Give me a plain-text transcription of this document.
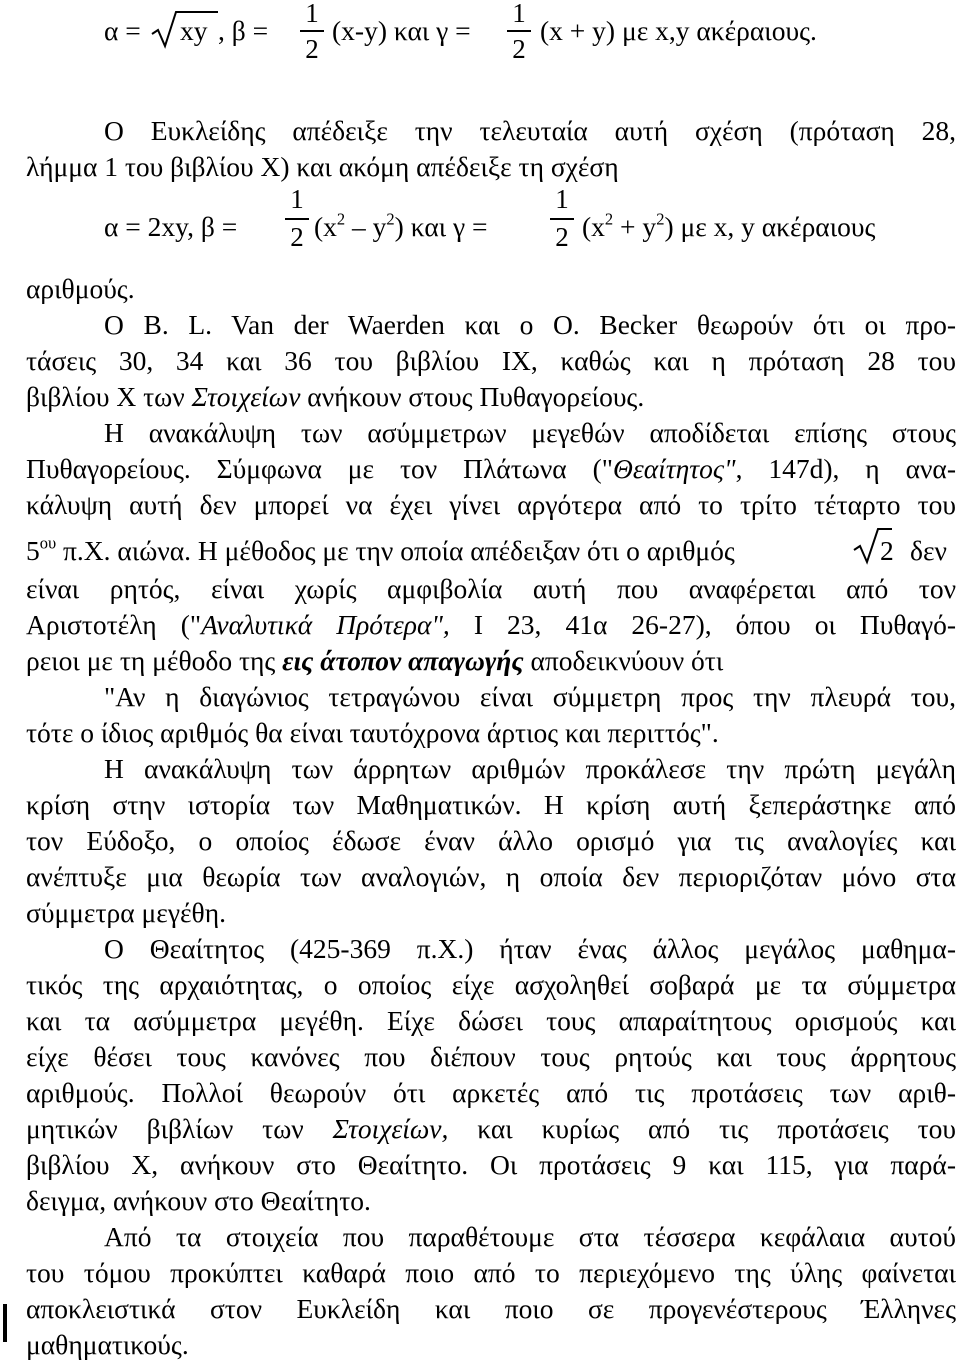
α = xy , β =
1
2
(x-y) και γ =
1
2
(x + y) με x,y ακέραιους.
Ο Ευκλείδης απέδειξε την τελευταία αυτή σχέση (πρόταση 28,
λήμμα 1 του βιβλίου Χ) και ακόμη απέδειξε τη σχέση
α = 2xy, β =
1
2 $(x^2 - y^2)$ και γ =
1
2 $(x^2 + y^2)$ με x, y ακέραιους
αριθμούς.
Ο B. L. Van der Waerden και ο O. Becker θεωρούν ότι οι προ-
τάσεις 30, 34 και 36 του βιβλίου ΙΧ, καθώς και η πρόταση 28 του
βιβλίου Χ των Στοιχείων ανήκουν στους Πυθαγορείους.
Η ανακάλυψη των ασύμμετρων μεγεθών αποδίδεται επίσης στους
Πυθαγορείους. Σύμφωνα με τον Πλάτωνα ("Θεαίτητος", 147d), η ανα-
κάλυψη αυτή δεν μπορεί να έχει γίνει αργότερα από το τρίτο τέταρτο του
$5^{o\upsilon}$ π.Χ. αιώνα. Η μέθοδος με την οποία απέδειξαν ότι ο αριθμός	2 δεν
είναι ρητός, είναι χωρίς αμφιβολία αυτή που αναφέρεται από τον
Αριστοτέλη ("Αναλυτικά Πρότερα", Ι 23, 41α 26-27), όπου οι Πυθαγό-
ρειοι με τη μέθοδο της εις άτοπον απαγωγής αποδεικνύουν ότι
"Αν η διαγώνιος τετραγώνου είναι σύμμετρη προς την πλευρά του,
τότε ο ίδιος αριθμός θα είναι ταυτόχρονα άρτιος και περιττός".
Η ανακάλυψη των άρρητων αριθμών προκάλεσε την πρώτη μεγάλη
κρίση στην ιστορία των Μαθηματικών. Η κρίση αυτή ξεπεράστηκε από
τον Εύδοξο, ο οποίος έδωσε έναν άλλο ορισμό για τις αναλογίες και
ανέπτυξε μια θεωρία των αναλογιών, η οποία δεν περιοριζόταν μόνο στα
σύμμετρα μεγέθη.
Ο Θεαίτητος (425-369 π.Χ.) ήταν ένας άλλος μεγάλος μαθημα-
τικός της αρχαιότητας, ο οποίος είχε ασχοληθεί σοβαρά με τα σύμμετρα
και τα ασύμμετρα μεγέθη. Είχε δώσει τους απαραίτητους ορισμούς και
είχε θέσει τους κανόνες που διέπουν τους ρητούς και τους άρρητους
αριθμούς. Πολλοί θεωρούν ότι αρκετές από τις προτάσεις των αριθ-
μητικών βιβλίων των Στοιχείων, και κυρίως από τις προτάσεις του
βιβλίου Χ, ανήκουν στο Θεαίτητο. Οι προτάσεις 9 και 115, για παρά-
δειγμα, ανήκουν στο Θεαίτητο.
Από τα στοιχεία που παραθέτουμε στα τέσσερα κεφάλαια αυτού
του τόμου προκύπτει καθαρά ποιο από το περιεχόμενο της ύλης φαίνεται
αποκλειστικά στον Ευκλείδη και ποιο σε προγενέστερους Έλληνες
μαθηματικούς.
